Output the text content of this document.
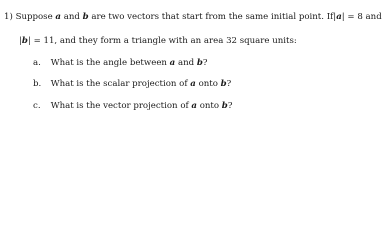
1) Suppose a and b are two vectors that start from the same initial point. If|a| = 8 and
|b| = 11, and they form a triangle with an area 32 square units:
a. What is the angle between a and b?
b. What is the scalar projection of a onto b?
c. What is the vector projection of a onto b?
